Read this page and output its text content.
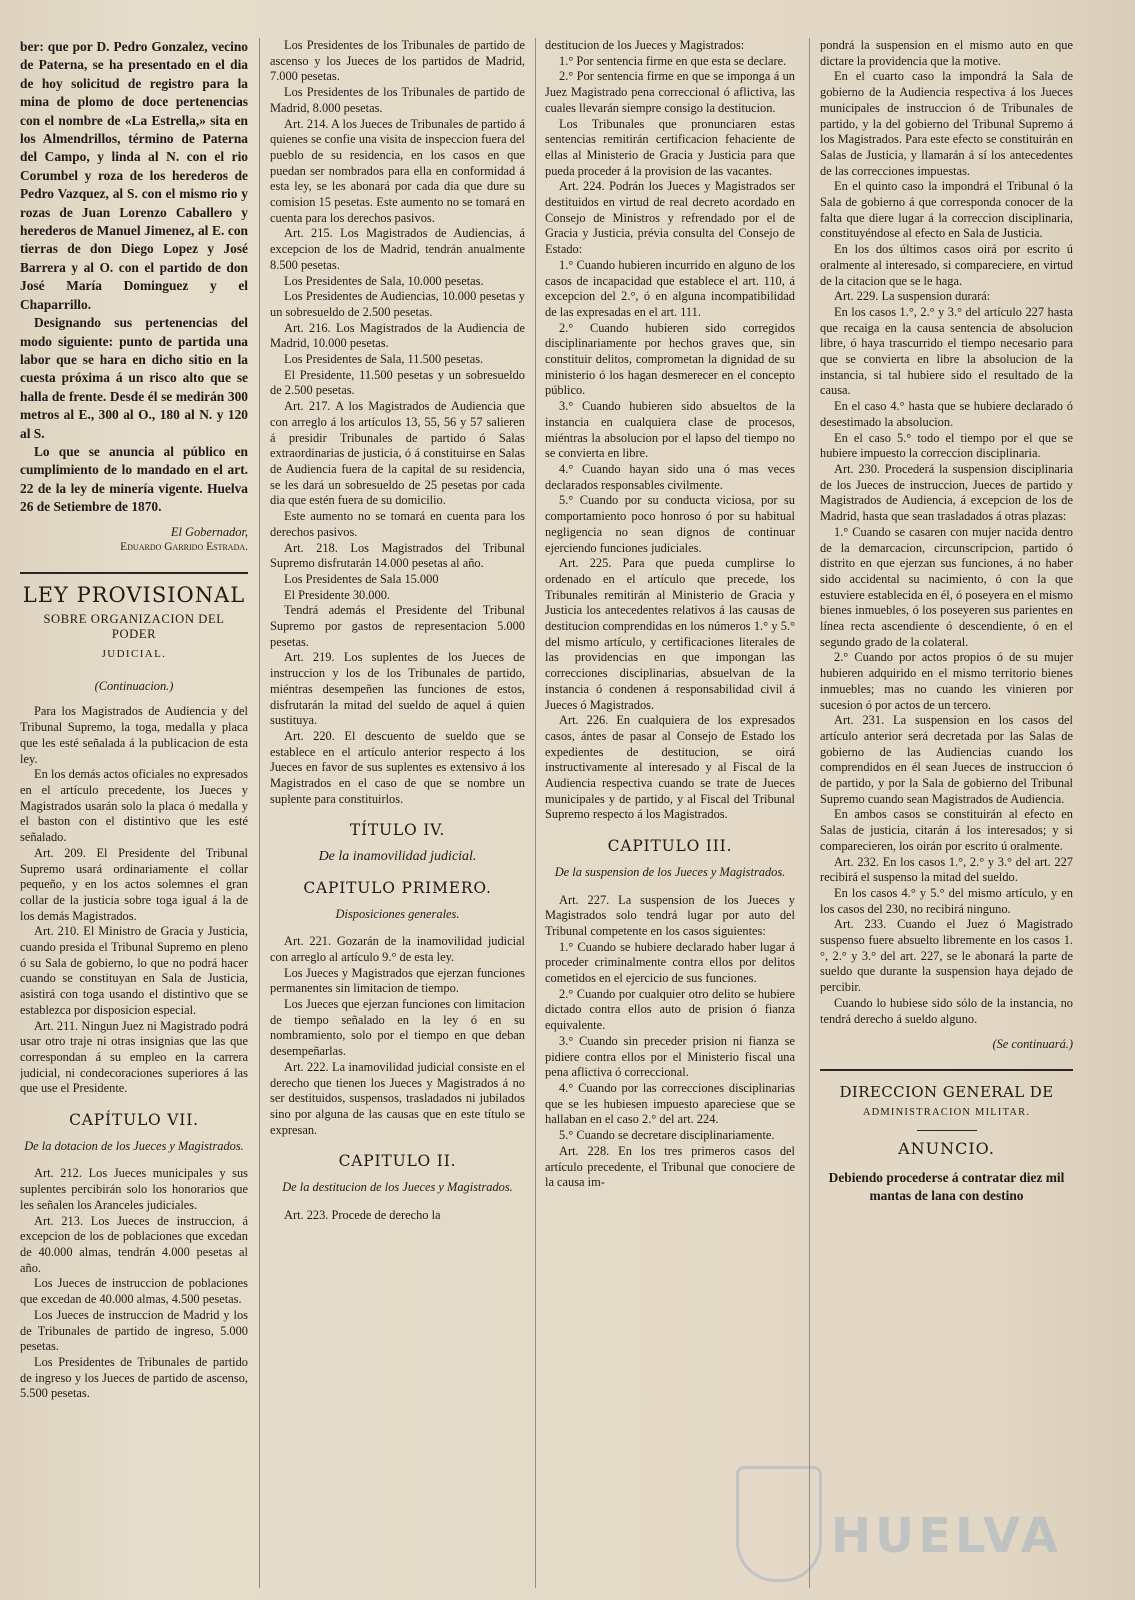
ber: que por D. Pedro Gonzalez, vecino de Paterna, se ha presentado en el dia de hoy solicitud de registro para la mina de plomo de doce pertenencias con el nombre de «La Estrella,» sita en los Almendrillos, término de Paterna del Campo, y linda al N. con el rio Corumbel y roza de los herederos de Pedro Vazquez, al S. con el mismo rio y rozas de Juan Lorenzo Caballero y herederos de Manuel Jimenez, al E. con tierras de don Diego Lopez y José Barrera y al O. con el partido de don José María Dominguez y el Chaparrillo.

Designando sus pertenencias del modo siguiente: punto de partida una labor que se hara en dicho sitio en la cuesta próxima á un risco alto que se halla de frente. Desde él se medirán 300 metros al E., 300 al O., 180 al N. y 120 al S.

Lo que se anuncia al público en cumplimiento de lo mandado en el art. 22 de la ley de minería vigente. Huelva 26 de Setiembre de 1870.

El Gobernador,

Eduardo Garrido Estrada.

LEY PROVISIONAL
SOBRE ORGANIZACION DEL PODER
JUDICIAL.
(Continuacion.)

Para los Magistrados de Audiencia y del Tribunal Supremo, la toga, medalla y placa que les esté señalada á la publicacion de esta ley.

En los demás actos oficiales no expresados en el artículo precedente, los Jueces y Magistrados usarán solo la placa ó medalla y el baston con el distintivo que les esté señalado.

Art. 209. El Presidente del Tribunal Supremo usará ordinariamente el collar pequeño, y en los actos solemnes el gran collar de la justicia sobre toga igual á la de los demás Magistrados.

Art. 210. El Ministro de Gracia y Justicia, cuando presida el Tribunal Supremo en pleno ó su Sala de gobierno, lo que no podrá hacer cuando se constituyan en Sala de Justicia, asistirá con toga usando el distintivo que se establezca por disposicion especial.

Art. 211. Ningun Juez ni Magistrado podrá usar otro traje ni otras insignias que las que correspondan á su empleo en la carrera judicial, ni condecoraciones superiores á las que use el Presidente.

CAPÍTULO VII.
De la dotacion de los Jueces y Magistrados.

Art. 212. Los Jueces municipales y sus suplentes percibirán solo los honorarios que les señalen los Aranceles judiciales.

Art. 213. Los Jueces de instruccion, á excepcion de los de poblaciones que excedan de 40.000 almas, tendrán 4.000 pesetas al año.

Los Jueces de instruccion de poblaciones que excedan de 40.000 almas, 4.500 pesetas.

Los Jueces de instruccion de Madrid y los de Tribunales de partido de ingreso, 5.000 pesetas.

Los Presidentes de Tribunales de partido de ingreso y los Jueces de partido de ascenso, 5.500 pesetas.

Los Presidentes de los Tribunales de partido de ascenso y los Jueces de los partidos de Madrid, 7.000 pesetas.

Los Presidentes de los Tribunales de partido de Madrid, 8.000 pesetas.

Art. 214. A los Jueces de Tribunales de partido á quienes se confie una visita de inspeccion fuera del pueblo de su residencia, en los casos en que puedan ser nombrados para ella en conformidad á esta ley, se les abonará por cada dia que dure su comision 15 pesetas. Este aumento no se tomará en cuenta para los derechos pasivos.

Art. 215. Los Magistrados de Audiencias, á excepcion de los de Madrid, tendrán anualmente 8.500 pesetas.

Los Presidentes de Sala, 10.000 pesetas.

Los Presidentes de Audiencias, 10.000 pesetas y un sobresueldo de 2.500 pesetas.

Art. 216. Los Magistrados de la Audiencia de Madrid, 10.000 pesetas.

Los Presidentes de Sala, 11.500 pesetas.

El Presidente, 11.500 pesetas y un sobresueldo de 2.500 pesetas.

Art. 217. A los Magistrados de Audiencia que con arreglo á los artículos 13, 55, 56 y 57 salieren á presidir Tribunales de partido ó Salas extraordinarias de justicia, ó á constituirse en Salas de Audiencia fuera de la capital de su residencia, se les dará un sobresueldo de 25 pesetas por cada dia que estén fuera de su domicilio.

Este aumento no se tomará en cuenta para los derechos pasivos.

Art. 218. Los Magistrados del Tribunal Supremo disfrutarán 14.000 pesetas al año.

Los Presidentes de Sala 15.000

El Presidente 30.000.

Tendrá además el Presidente del Tribunal Supremo por gastos de representacion 5.000 pesetas.

Art. 219. Los suplentes de los Jueces de instruccion y los de los Tribunales de partido, miéntras desempeñen las funciones de estos, disfrutarán la mitad del sueldo de aquel á quien sustituya.

Art. 220. El descuento de sueldo que se establece en el artículo anterior respecto á los Jueces en favor de sus suplentes es extensivo á los Magistrados en el caso de que se nombre un suplente para constituirlos.

TÍTULO IV.
De la inamovilidad judicial.
CAPITULO PRIMERO.
Disposiciones generales.

Art. 221. Gozarán de la inamovilidad judicial con arreglo al artículo 9.° de esta ley.

Los Jueces y Magistrados que ejerzan funciones permanentes sin limitacion de tiempo.

Los Jueces que ejerzan funciones con limitacion de tiempo señalado en la ley ó en su nombramiento, solo por el tiempo en que deban desempeñarlas.

Art. 222. La inamovilidad judicial consiste en el derecho que tienen los Jueces y Magistrados á no ser destituidos, suspensos, trasladados ni jubilados sino por alguna de las causas que en este título se expresan.

CAPITULO II.
De la destitucion de los Jueces y Magistrados.

Art. 223. Procede de derecho la

destitucion de los Jueces y Magistrados:

1.° Por sentencia firme en que esta se declare.

2.° Por sentencia firme en que se imponga á un Juez Magistrado pena correccional ó aflictiva, las cuales llevarán siempre consigo la destitucion.

Los Tribunales que pronunciaren estas sentencias remitirán certificacion fehaciente de ellas al Ministerio de Gracia y Justicia para que pueda proceder á la provision de las vacantes.

Art. 224. Podrán los Jueces y Magistrados ser destituidos en virtud de real decreto acordado en Consejo de Ministros y refrendado por el de Gracia y Justicia, prévia consulta del Consejo de Estado:

1.° Cuando hubieren incurrido en alguno de los casos de incapacidad que establece el art. 110, á excepcion del 2.°, ó en alguna incompatibilidad de las expresadas en el art. 111.

2.° Cuando hubieren sido corregidos disciplinariamente por hechos graves que, sin constituir delitos, comprometan la dignidad de su ministerio ó los hagan desmerecer en el concepto público.

3.° Cuando hubieren sido absueltos de la instancia en cualquiera clase de procesos, miéntras la absolucion por el lapso del tiempo no se convierta en libre.

4.° Cuando hayan sido una ó mas veces declarados responsables civilmente.

5.° Cuando por su conducta viciosa, por su comportamiento poco honroso ó por su habitual negligencia no sean dignos de continuar ejerciendo funciones judiciales.

Art. 225. Para que pueda cumplirse lo ordenado en el artículo que precede, los Tribunales remitirán al Ministerio de Gracia y Justicia los antecedentes relativos á las causas de destitucion comprendidas en los números 1.° y 5.° del mismo artículo, y certificaciones literales de las providencias en que impongan las correcciones disciplinarias, absuelvan de la instancia ó condenen á responsabilidad civil á Jueces ó Magistrados.

Art. 226. En cualquiera de los expresados casos, ántes de pasar al Consejo de Estado los expedientes de destitucion, se oirá instructivamente al interesado y al Fiscal de la Audiencia respectiva cuando se trate de Jueces municipales y de partido, y al Fiscal del Tribunal Supremo respecto á los Magistrados.

CAPITULO III.
De la suspension de los Jueces y Magistrados.

Art. 227. La suspension de los Jueces y Magistrados solo tendrá lugar por auto del Tribunal competente en los casos siguientes:

1.° Cuando se hubiere declarado haber lugar á proceder criminalmente contra ellos por delitos cometidos en el ejercicio de sus funciones.

2.° Cuando por cualquier otro delito se hubiere dictado contra ellos auto de prision ó fianza equivalente.

3.° Cuando sin preceder prision ni fianza se pidiere contra ellos por el Ministerio fiscal una pena aflictiva ó correccional.

4.° Cuando por las correcciones disciplinarias que se les hubiesen impuesto apareciese que se hallaban en el caso 2.° del art. 224.

5.° Cuando se decretare disciplinariamente.

Art. 228. En los tres primeros casos del artículo precedente, el Tribunal que conociere de la causa im-

pondrá la suspension en el mismo auto en que dictare la providencia que la motive.

En el cuarto caso la impondrá la Sala de gobierno de la Audiencia respectiva á los Jueces municipales de instruccion ó de Tribunales de partido, y la del gobierno del Tribunal Supremo á los Magistrados. Para este efecto se constituirán en Salas de Justicia, y llamarán á sí los antecedentes de las correcciones impuestas.

En el quinto caso la impondrá el Tribunal ó la Sala de gobierno á que corresponda conocer de la falta que diere lugar á la correccion disciplinaria, constituyéndose al efecto en Sala de Justicia.

En los dos últimos casos oirá por escrito ú oralmente al interesado, si compareciere, en virtud de la citacion que se le haga.

Art. 229. La suspension durará:

En los casos 1.°, 2.° y 3.° del artículo 227 hasta que recaiga en la causa sentencia de absolucion libre, ó haya trascurrido el tiempo necesario para que se convierta en libre la absolucion de la instancia, si tal hubiere sido el resultado de la causa.

En el caso 4.° hasta que se hubiere declarado ó desestimado la absolucion.

En el caso 5.° todo el tiempo por el que se hubiere impuesto la correccion disciplinaria.

Art. 230. Procederá la suspension disciplinaria de los Jueces de instruccion, Jueces de partido y Magistrados de Audiencia, á excepcion de los de Madrid, hasta que sean trasladados á otras plazas:

1.° Cuando se casaren con mujer nacida dentro de la demarcacion, circunscripcion, partido ó distrito en que ejerzan sus funciones, á no haber sido accidental su nacimiento, ó con la que estuviere establecida en él, ó poseyera en el mismo bienes inmuebles, ó los poseyeren sus parientes en línea recta ascendiente ó descendiente, ó en el segundo grado de la colateral.

2.° Cuando por actos propios ó de su mujer hubieren adquirido en el mismo territorio bienes inmuebles; mas no cuando les vinieren por sucesion ó por actos de un tercero.

Art. 231. La suspension en los casos del artículo anterior será decretada por las Salas de gobierno de las Audiencias cuando los comprendidos en él sean Jueces de instruccion ó de partido, y por la Sala de gobierno del Tribunal Supremo cuando sean Magistrados de Audiencia.

En ambos casos se constituirán al efecto en Salas de justicia, citarán á los interesados; y si comparecieren, los oirán por escrito ú oralmente.

Art. 232. En los casos 1.°, 2.° y 3.° del art. 227 recibirá el suspenso la mitad del sueldo.

En los casos 4.° y 5.° del mismo artículo, y en los casos del 230, no recibirá ninguno.

Art. 233. Cuando el Juez ó Magistrado suspenso fuere absuelto libremente en los casos 1.°, 2.° y 3.° del art. 227, se le abonará la parte de sueldo que durante la suspension haya dejado de percibir.

Cuando lo hubiese sido sólo de la instancia, no tendrá derecho á sueldo alguno.

(Se continuará.)
DIRECCION GENERAL DE
ADMINISTRACION MILITAR.
ANUNCIO.
Debiendo procederse á contratar diez mil mantas de lana con destino
HUELVA
